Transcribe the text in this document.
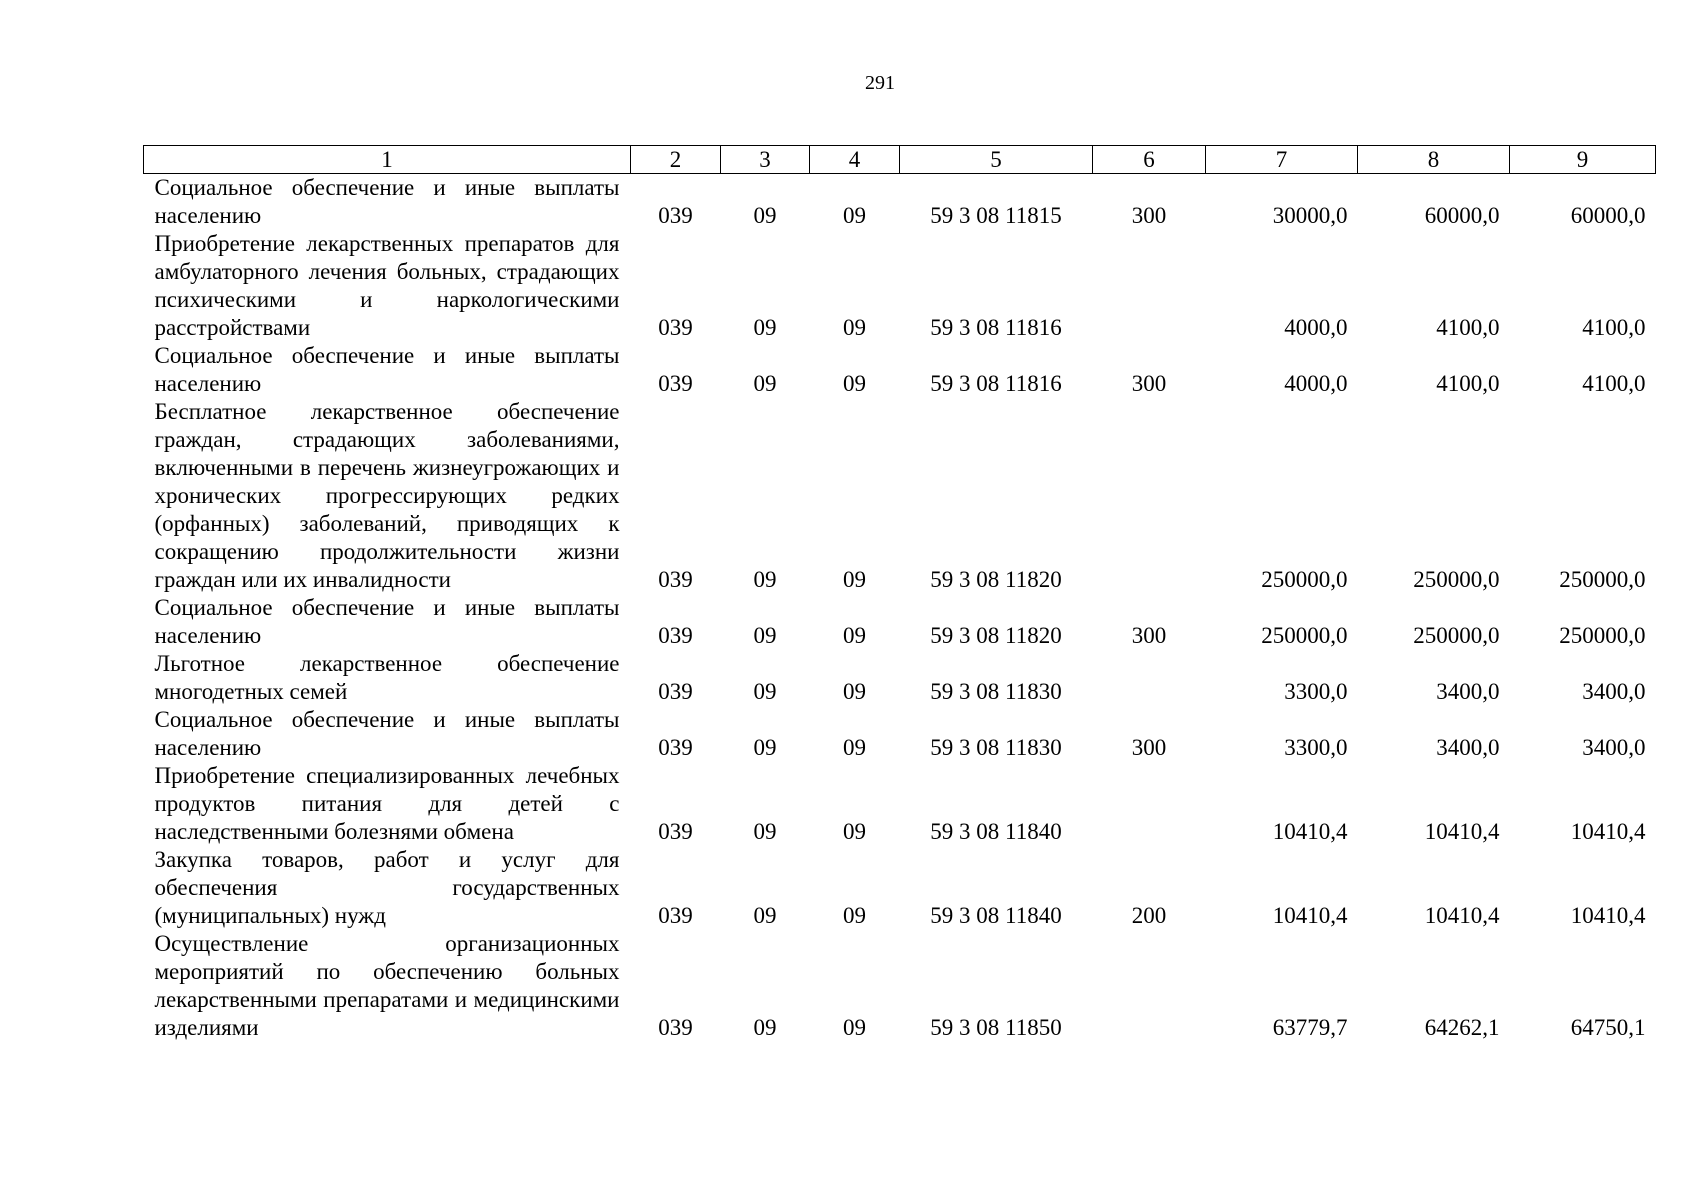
291
1	2	3	4	5	6	7	8	9
Социальное обеспечение и иные выплаты населению	039	09	09	59 3 08 11815	300	30000,0	60000,0	60000,0
Приобретение лекарственных препаратов для амбулаторного лечения больных, страдающих психическими и наркологическими расстройствами	039	09	09	59 3 08 11816		4000,0	4100,0	4100,0
Социальное обеспечение и иные выплаты населению	039	09	09	59 3 08 11816	300	4000,0	4100,0	4100,0
Бесплатное лекарственное обеспечение граждан, страдающих заболеваниями, включенными в перечень жизнеугрожающих и хронических прогрессирующих редких (орфанных) заболеваний, приводящих к сокращению продолжительности жизни граждан или их инвалидности	039	09	09	59 3 08 11820		250000,0	250000,0	250000,0
Социальное обеспечение и иные выплаты населению	039	09	09	59 3 08 11820	300	250000,0	250000,0	250000,0
Льготное лекарственное обеспечение многодетных семей	039	09	09	59 3 08 11830		3300,0	3400,0	3400,0
Социальное обеспечение и иные выплаты населению	039	09	09	59 3 08 11830	300	3300,0	3400,0	3400,0
Приобретение специализированных лечебных продуктов питания для детей с наследственными болезнями обмена	039	09	09	59 3 08 11840		10410,4	10410,4	10410,4
Закупка товаров, работ и услуг для обеспечения государственных (муниципальных) нужд	039	09	09	59 3 08 11840	200	10410,4	10410,4	10410,4
Осуществление организационных мероприятий по обеспечению больных лекарственными препаратами и медицинскими изделиями	039	09	09	59 3 08 11850		63779,7	64262,1	64750,1
